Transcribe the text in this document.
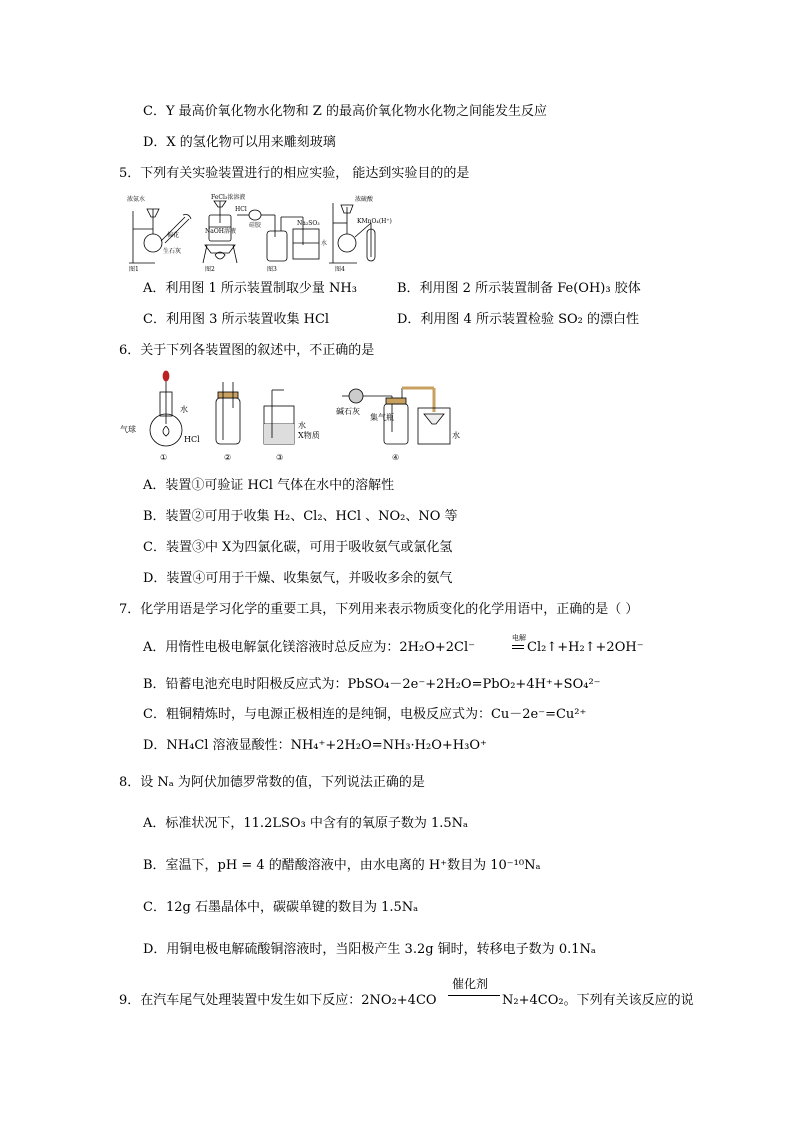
C．Y 最高价氧化物水化物和 Z 的最高价氧化物水化物之间能发生反应
D．X 的氢化物可以用来雕刻玻璃
5．下列有关实验装置进行的相应实验， 能达到实验目的的是
浓氨水
棉花
生石灰
FeCl₃浓溶液
NaOH溶液
HCl
硅胶	Na₂SO₃
水
浓硫酸
KMnO₄(H⁺)
图1	图2	图3	图4
A．利用图 1 所示装置制取少量 NH₃	B．利用图 2 所示装置制备 Fe(OH)₃ 胶体
C．利用图 3 所示装置收集 HCl	D．利用图 4 所示装置检验 SO₂ 的漂白性
6．关于下列各装置图的叙述中，不正确的是
气球
水
HCl
①	②
水
X物质
③
碱石灰
集气瓶
水
④
A．装置①可验证 HCl 气体在水中的溶解性
B．装置②可用于收集 H₂、Cl₂、HCl 、NO₂、NO 等
C．装置③中 X为四氯化碳，可用于吸收氨气或氯化氢
D．装置④可用于干燥、收集氨气，并吸收多余的氨气
7．化学用语是学习化学的重要工具，下列用来表示物质变化的化学用语中，正确的是（ ）
A．用惰性电极电解氯化镁溶液时总反应为：2H₂O+2Cl⁻
电解
Cl₂↑+H₂↑+2OH⁻
B．铅蓄电池充电时阳极反应式为：PbSO₄－2e⁻+2H₂O=PbO₂+4H⁺+SO₄²⁻
C．粗铜精炼时，与电源正极相连的是纯铜，电极反应式为：Cu－2e⁻=Cu²⁺
D．NH₄Cl 溶液显酸性：NH₄⁺+2H₂O=NH₃·H₂O+H₃O⁺
8．设 Nₐ 为阿伏加德罗常数的值，下列说法正确的是
A．标准状况下，11.2LSO₃ 中含有的氧原子数为 1.5Nₐ
B．室温下，pH = 4 的醋酸溶液中，由水电离的 H⁺数目为 10⁻¹⁰Nₐ
C．12g 石墨晶体中，碳碳单键的数目为 1.5Nₐ
D．用铜电极电解硫酸铜溶液时，当阳极产生 3.2g 铜时，转移电子数为 0.1Nₐ
9．在汽车尾气处理装置中发生如下反应：2NO₂+4CO
催化剂
N₂+4CO₂。下列有关该反应的说
